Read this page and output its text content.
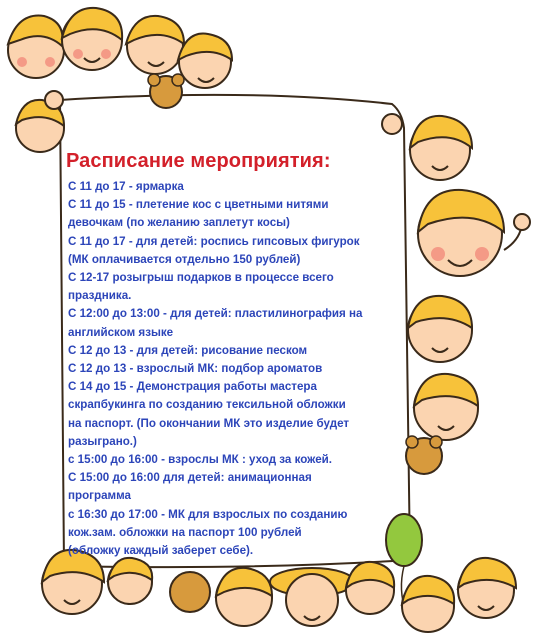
Расписание мероприятия:
С 11 до 17 - ярмарка
С 11 до 15 - плетение кос с цветными нитями
девочкам (по желанию заплетут косы)
С 11 до 17 - для детей: роспись гипсовых фигурок
(МК оплачивается отдельно 150 рублей)
С 12-17 розыгрыш подарков в процессе всего
праздника.
С 12:00 до 13:00 - для детей: пластилинография на
английском языке
С 12 до 13 - для детей: рисование песком
С 12 до 13 - взрослый МК: подбор ароматов
С 14 до 15 - Демонстрация работы мастера
скрапбукинга по созданию тексильной обложки
на паспорт. (По окончании МК это изделие будет
разыграно.)
с 15:00 до 16:00 - взрослы МК : уход за кожей.
С 15:00 до 16:00 для детей: анимационная
программа
с 16:30 до 17:00 - МК для взрослых по созданию
кож.зам. обложки на паспорт 100 рублей
(обложку каждый заберет себе).
